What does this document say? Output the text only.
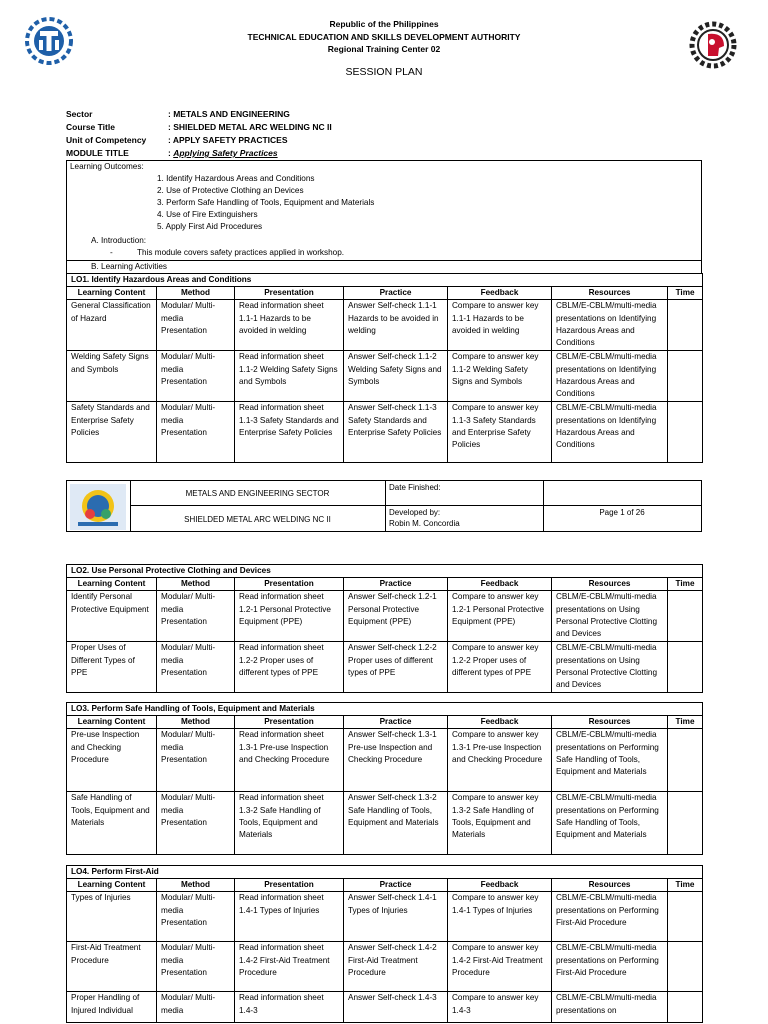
Republic of the Philippines
TECHNICAL EDUCATION AND SKILLS DEVELOPMENT AUTHORITY
Regional Training Center 02
SESSION PLAN
Sector	: METALS AND ENGINEERING
Course Title	: SHIELDED METAL ARC WELDING NC II
Unit of Competency	: APPLY SAFETY PRACTICES
MODULE TITLE	:
Applying Safety Practices
Learning Outcomes:
1. Identify Hazardous Areas and Conditions
2. Use of Protective Clothing an Devices
3. Perform Safe Handling of Tools, Equipment and Materials
4. Use of Fire Extinguishers
5. Apply First Aid Procedures
A. Introduction:
-	This module covers safety practices applied in workshop.
B. Learning Activities
LO1. Identify Hazardous Areas and Conditions						
Learning Content	Method	Presentation	Practice	Feedback	Resources	Time
General Classification of Hazard	Modular/ Multi-media Presentation	Read information sheet 1.1-1 Hazards to be avoided in welding	Answer Self-check 1.1-1 Hazards to be avoided in welding	Compare to answer key 1.1-1 Hazards to be avoided in welding	CBLM/E-CBLM/multi-media presentations on Identifying Hazardous Areas and Conditions	
Welding Safety Signs and Symbols	Modular/ Multi-media Presentation	Read information sheet 1.1-2 Welding Safety Signs and Symbols	Answer Self-check 1.1-2 Welding Safety Signs and Symbols	Compare to answer key 1.1-2 Welding Safety Signs and Symbols	CBLM/E-CBLM/multi-media presentations on Identifying Hazardous Areas and Conditions	
Safety Standards and Enterprise Safety Policies	Modular/ Multi-media Presentation	Read information sheet 1.1-3 Safety Standards and Enterprise Safety Policies	Answer Self-check 1.1-3 Safety Standards and Enterprise Safety Policies	Compare to answer key 1.1-3 Safety Standards and Enterprise Safety Policies	CBLM/E-CBLM/multi-media presentations on Identifying Hazardous Areas and Conditions	
LO2. Use Personal Protective Clothing and Devices						
Learning Content	Method	Presentation	Practice	Feedback	Resources	Time
Identify Personal Protective Equipment	Modular/ Multi-media Presentation	Read information sheet 1.2-1 Personal Protective Equipment (PPE)	Answer Self-check 1.2-1 Personal Protective Equipment (PPE)	Compare to answer key 1.2-1 Personal Protective Equipment (PPE)	CBLM/E-CBLM/multi-media presentations on Using Personal Protective Clotting and Devices	
Proper Uses of Different Types of PPE	Modular/ Multi-media Presentation	Read information sheet 1.2-2 Proper uses of different types of PPE	Answer Self-check 1.2-2 Proper uses of different types of PPE	Compare to answer key 1.2-2 Proper uses of different types of PPE	CBLM/E-CBLM/multi-media presentations on Using Personal Protective Clotting and Devices	
LO3. Perform Safe Handling of Tools, Equipment and Materials						
Learning Content	Method	Presentation	Practice	Feedback	Resources	Time
Pre-use Inspection and Checking Procedure	Modular/ Multi-media Presentation	Read information sheet 1.3-1 Pre-use Inspection and Checking Procedure	Answer Self-check 1.3-1 Pre-use Inspection and Checking Procedure	Compare to answer key 1.3-1 Pre-use Inspection and Checking Procedure	CBLM/E-CBLM/multi-media presentations on Performing Safe Handling of Tools, Equipment and Materials	
Safe Handling of Tools, Equipment and Materials	Modular/ Multi-media Presentation	Read information sheet 1.3-2 Safe Handling of Tools, Equipment and Materials	Answer Self-check 1.3-2 Safe Handling of Tools, Equipment and Materials	Compare to answer key 1.3-2 Safe Handling of Tools, Equipment and Materials	CBLM/E-CBLM/multi-media presentations on Performing Safe Handling of Tools, Equipment and Materials	
LO4. Perform First-Aid						
Learning Content	Method	Presentation	Practice	Feedback	Resources	Time
Types of Injuries	Modular/ Multi-media Presentation	Read information sheet 1.4-1 Types of Injuries	Answer Self-check 1.4-1 Types of Injuries	Compare to answer key 1.4-1 Types of Injuries	CBLM/E-CBLM/multi-media presentations on Performing First-Aid Procedure	
First-Aid Treatment Procedure	Modular/ Multi-media Presentation	Read information sheet 1.4-2 First-Aid Treatment Procedure	Answer Self-check 1.4-2 First-Aid Treatment Procedure	Compare to answer key 1.4-2 First-Aid Treatment Procedure	CBLM/E-CBLM/multi-media presentations on Performing First-Aid Procedure	
Proper Handling of Injured Individual	Modular/ Multi-media	Read information sheet 1.4-3	Answer Self-check 1.4-3	Compare to answer key 1.4-3	CBLM/E-CBLM/multi-media presentations on	
METALS AND ENGINEERING SECTOR
SHIELDED METAL ARC WELDING NC II
Date Finished:
Developed by:
Robin M. Concordia
Page 1 of 26
